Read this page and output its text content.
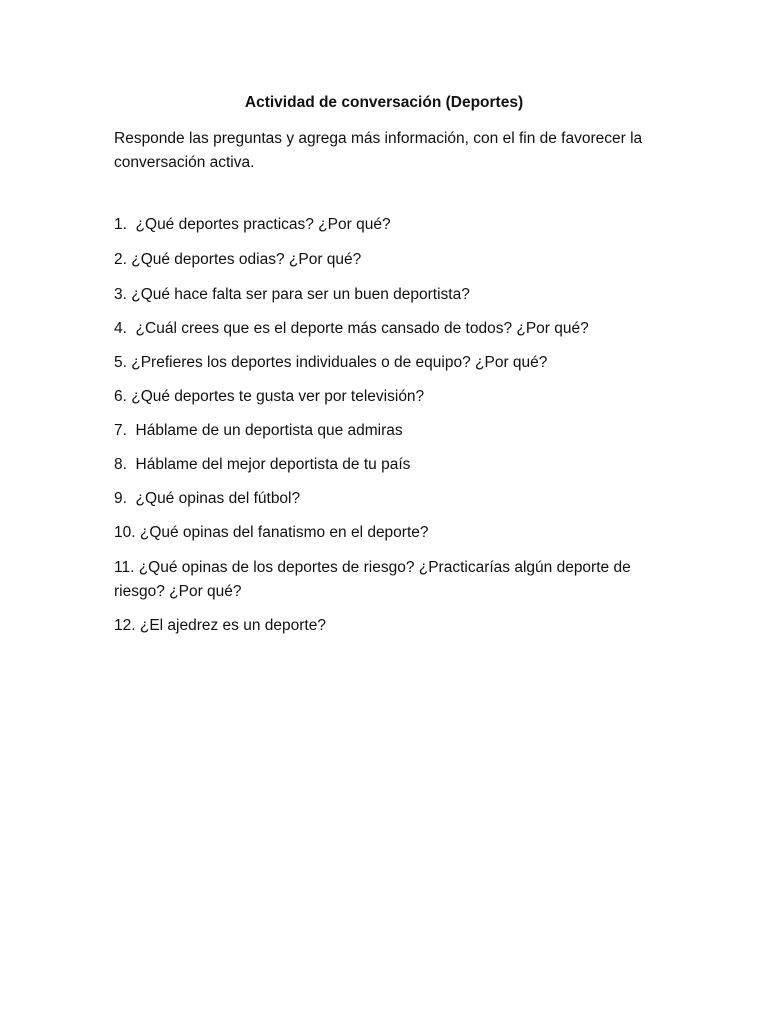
Actividad de conversación (Deportes)
Responde las preguntas y agrega más información, con el fin de favorecer la conversación activa.
1.  ¿Qué deportes practicas? ¿Por qué?
2. ¿Qué deportes odias? ¿Por qué?
3. ¿Qué hace falta ser para ser un buen deportista?
4.  ¿Cuál crees que es el deporte más cansado de todos? ¿Por qué?
5. ¿Prefieres los deportes individuales o de equipo? ¿Por qué?
6. ¿Qué deportes te gusta ver por televisión?
7.  Háblame de un deportista que admiras
8.  Háblame del mejor deportista de tu país
9.  ¿Qué opinas del fútbol?
10. ¿Qué opinas del fanatismo en el deporte?
11. ¿Qué opinas de los deportes de riesgo? ¿Practicarías algún deporte de riesgo? ¿Por qué?
12. ¿El ajedrez es un deporte?
